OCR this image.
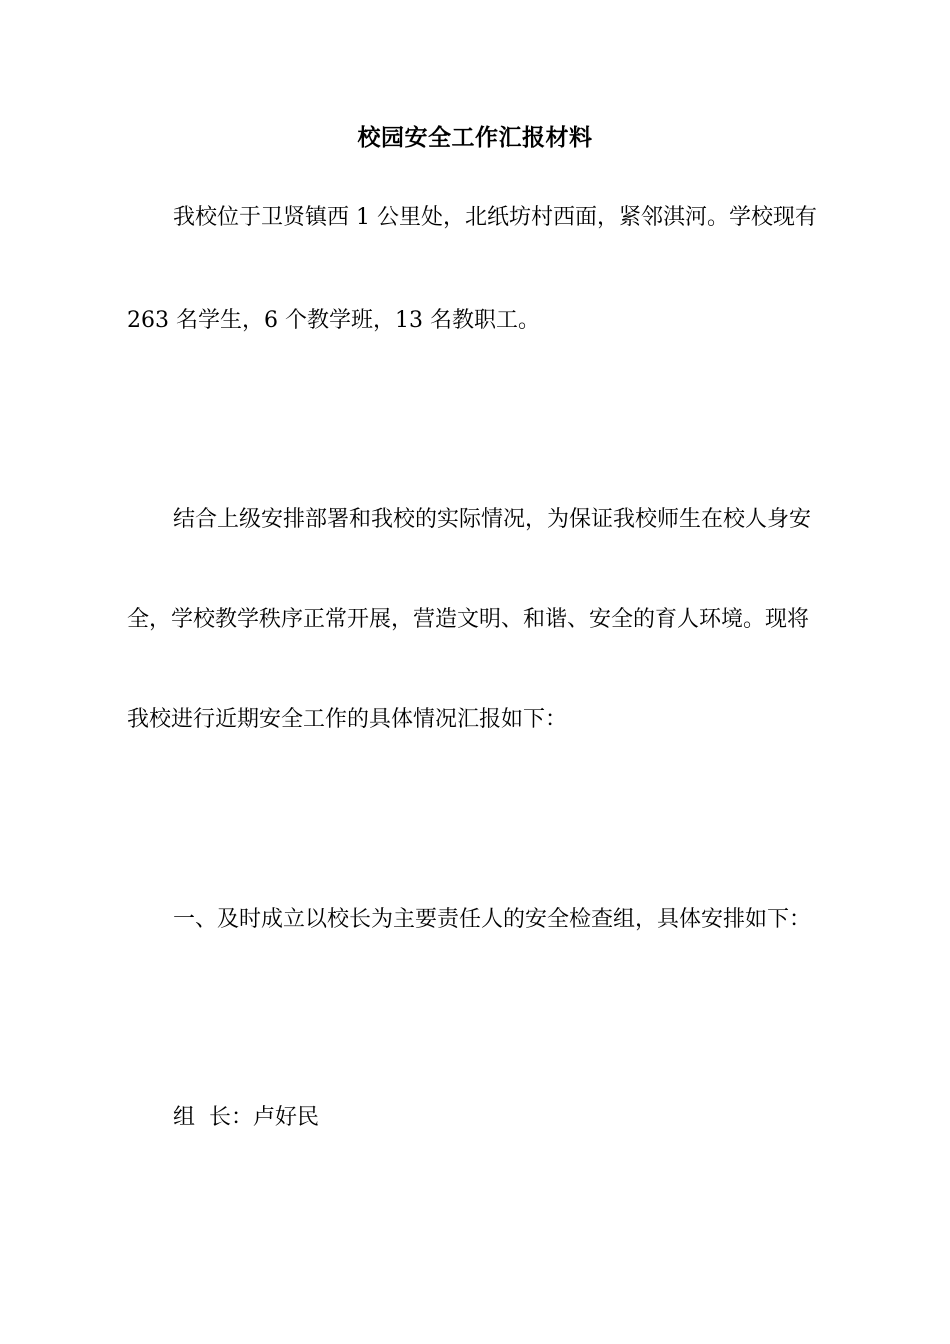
校园安全工作汇报材料
我校位于卫贤镇西 1 公里处，北纸坊村西面，紧邻淇河。学校现有
263 名学生，6 个教学班，13 名教职工。
结合上级安排部署和我校的实际情况，为保证我校师生在校人身安
全，学校教学秩序正常开展，营造文明、和谐、安全的育人环境。现将
我校进行近期安全工作的具体情况汇报如下：
一、及时成立以校长为主要责任人的安全检查组，具体安排如下：
组  长：卢好民
